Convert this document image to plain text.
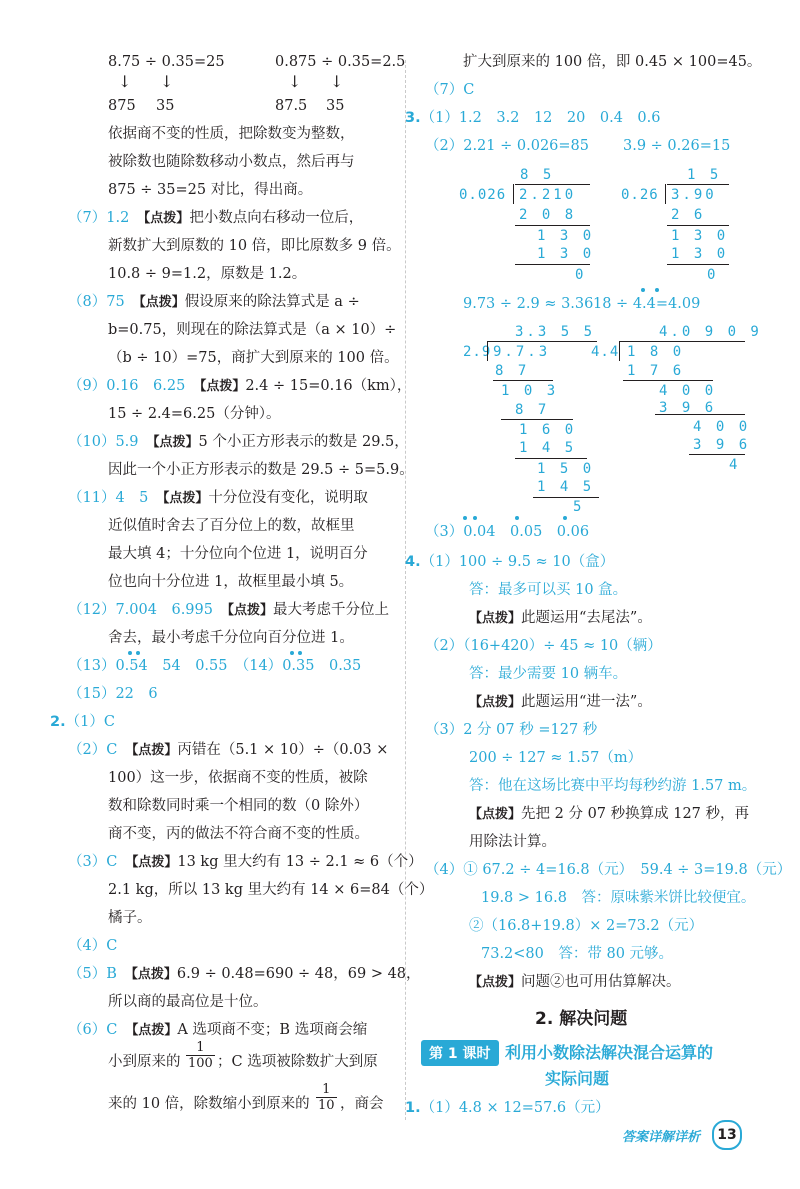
8.75 ÷ 0.35=25	0.875 ÷ 0.35=2.5
↓ ↓	↓ ↓
875 35	87.5 35
依据商不变的性质，把除数变为整数，
被除数也随除数移动小数点，然后再与
875 ÷ 35=25 对比，得出商。
（7）1.2　 【点拨】把小数点向右移动一位后，
新数扩大到原数的 10 倍，即比原数多 9 倍。
10.8 ÷ 9=1.2，原数是 1.2。
（8）75　 【点拨】假设原来的除法算式是 a ÷
b=0.75，则现在的除法算式是（a × 10）÷
（b ÷ 10）=75，商扩大到原来的 100 倍。
（9）0.16　6.25　 【点拨】2.4 ÷ 15=0.16（km），
15 ÷ 2.4=6.25（分钟）。
（10）5.9　 【点拨】5 个小正方形表示的数是 29.5，
因此一个小正方形表示的数是 29.5 ÷ 5=5.9。
（11）4　5　 【点拨】十分位没有变化，说明取
近似值时舍去了百分位上的数，故框里
最大填 4；十分位向个位进 1，说明百分
位也向十分位进 1，故框里最小填 5。
（12）7.004　6.995　 【点拨】最大考虑千分位上
舍去，最小考虑千分位向百分位进 1。
（13）0.54　54　0.55　 （14）0.35　0.35
（15）22　6
2.（1）C
（2）C　 【点拨】丙错在（5.1 × 10）÷（0.03 ×
100）这一步，依据商不变的性质，被除
数和除数同时乘一个相同的数（0 除外）
商不变，丙的做法不符合商不变的性质。
（3）C　 【点拨】13 kg 里大约有 13 ÷ 2.1 ≈ 6（个）
2.1 kg，所以 13 kg 里大约有 14 × 6=84（个）
橘子。
（4）C
（5）B　 【点拨】6.9 ÷ 0.48=690 ÷ 48，69 > 48，
所以商的最高位是十位。
（6）C　 【点拨】A 选项商不变；B 选项商会缩
小到原来的 $\frac{1}{100}$ ；C 选项被除数扩大到原
来的 10 倍，除数缩小到原来的 $\frac{1}{10}$ ，商会
扩大到原来的 100 倍，即 0.45 × 100=45。
（7）C
3.（1）1.2　3.2　12　20　0.4　0.6
（2）2.21 ÷ 0.026=85 3.9 ÷ 0.26=15
8 5
0.026 2.210
2 0 8
1 3 0
1 3 0
0
1 5
0.26 3.90
2 6
1 3 0
1 3 0
0
9.73 ÷ 2.9 ≈ 3.36 18 ÷ 4.4=4.09
3.3 5 5
2.9 9.7.3
8 7
1 0 3
8 7
1 6 0
1 4 5
1 5 0
1 4 5
5
4.0 9 0 9
4.4 1 8 0
1 7 6
4 0 0
3 9 6
4 0 0
3 9 6
4
（3）0.04　0.05　0.06
4.（1）100 ÷ 9.5 ≈ 10（盒）
答：最多可以买 10 盒。
【点拨】此题运用“去尾法”。
（2）（16+420）÷ 45 ≈ 10（辆）
答：最少需要 10 辆车。
【点拨】此题运用“进一法”。
（3）2 分 07 秒 =127 秒
200 ÷ 127 ≈ 1.57（m）
答：他在这场比赛中平均每秒约游 1.57 m。
【点拨】先把 2 分 07 秒换算成 127 秒，再
用除法计算。
（4）① 67.2 ÷ 4=16.8（元）　59.4 ÷ 3=19.8（元）
19.8 > 16.8　答：原味紫米饼比较便宜。
②（16.8+19.8）× 2=73.2（元）
73.2<80　答：带 80 元够。
【点拨】问题②也可用估算解决。
2. 解决问题
第 1 课时 利用小数除法解决混合运算的
实际问题
1.（1）4.8 × 12=57.6（元）
答案详解详析	13
